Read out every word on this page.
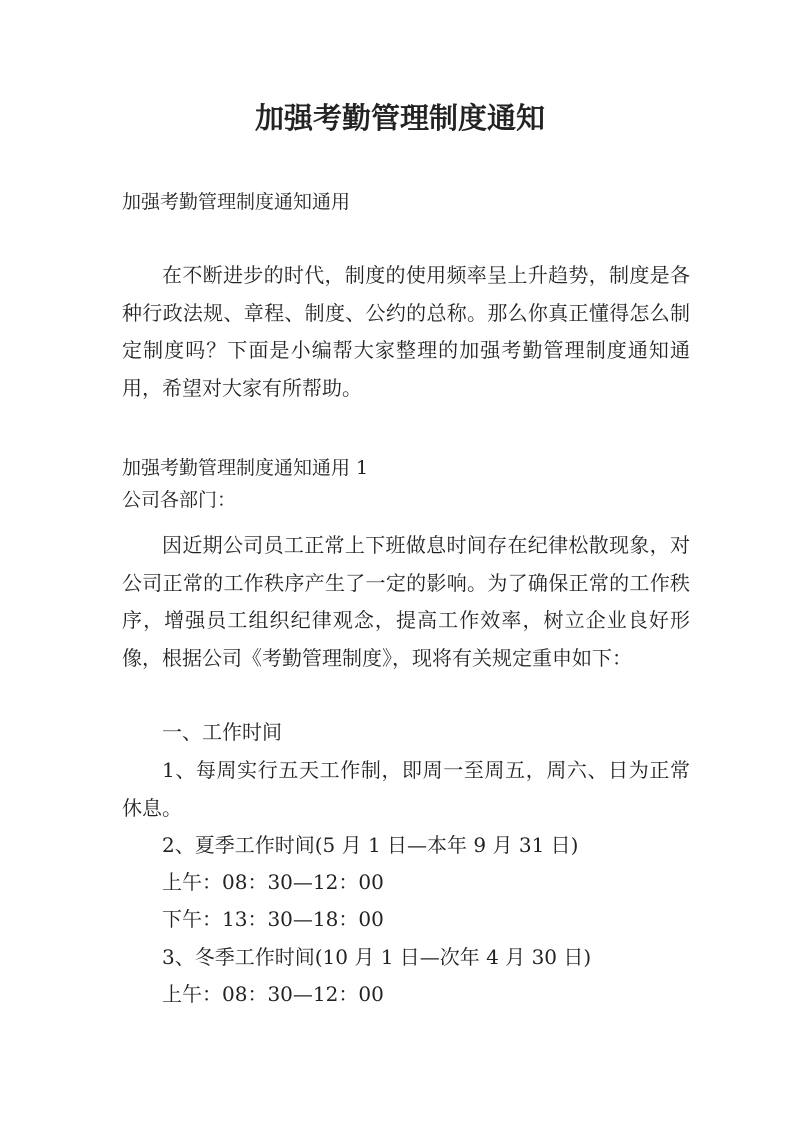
加强考勤管理制度通知

加强考勤管理制度通知通用

在不断进步的时代，制度的使用频率呈上升趋势，制度是各种行政法规、章程、制度、公约的总称。那么你真正懂得怎么制定制度吗？下面是小编帮大家整理的加强考勤管理制度通知通用，希望对大家有所帮助。

加强考勤管理制度通知通用 1

公司各部门：

因近期公司员工正常上下班做息时间存在纪律松散现象，对公司正常的工作秩序产生了一定的影响。为了确保正常的工作秩序，增强员工组织纪律观念，提高工作效率，树立企业良好形像，根据公司《考勤管理制度》，现将有关规定重申如下：

一、工作时间

1、每周实行五天工作制，即周一至周五，周六、日为正常休息。

2、夏季工作时间(5 月 1 日—本年 9 月 31 日)

上午：08：30—12：00

下午：13：30—18：00

3、冬季工作时间(10 月 1 日—次年 4 月 30 日)

上午：08：30—12：00
